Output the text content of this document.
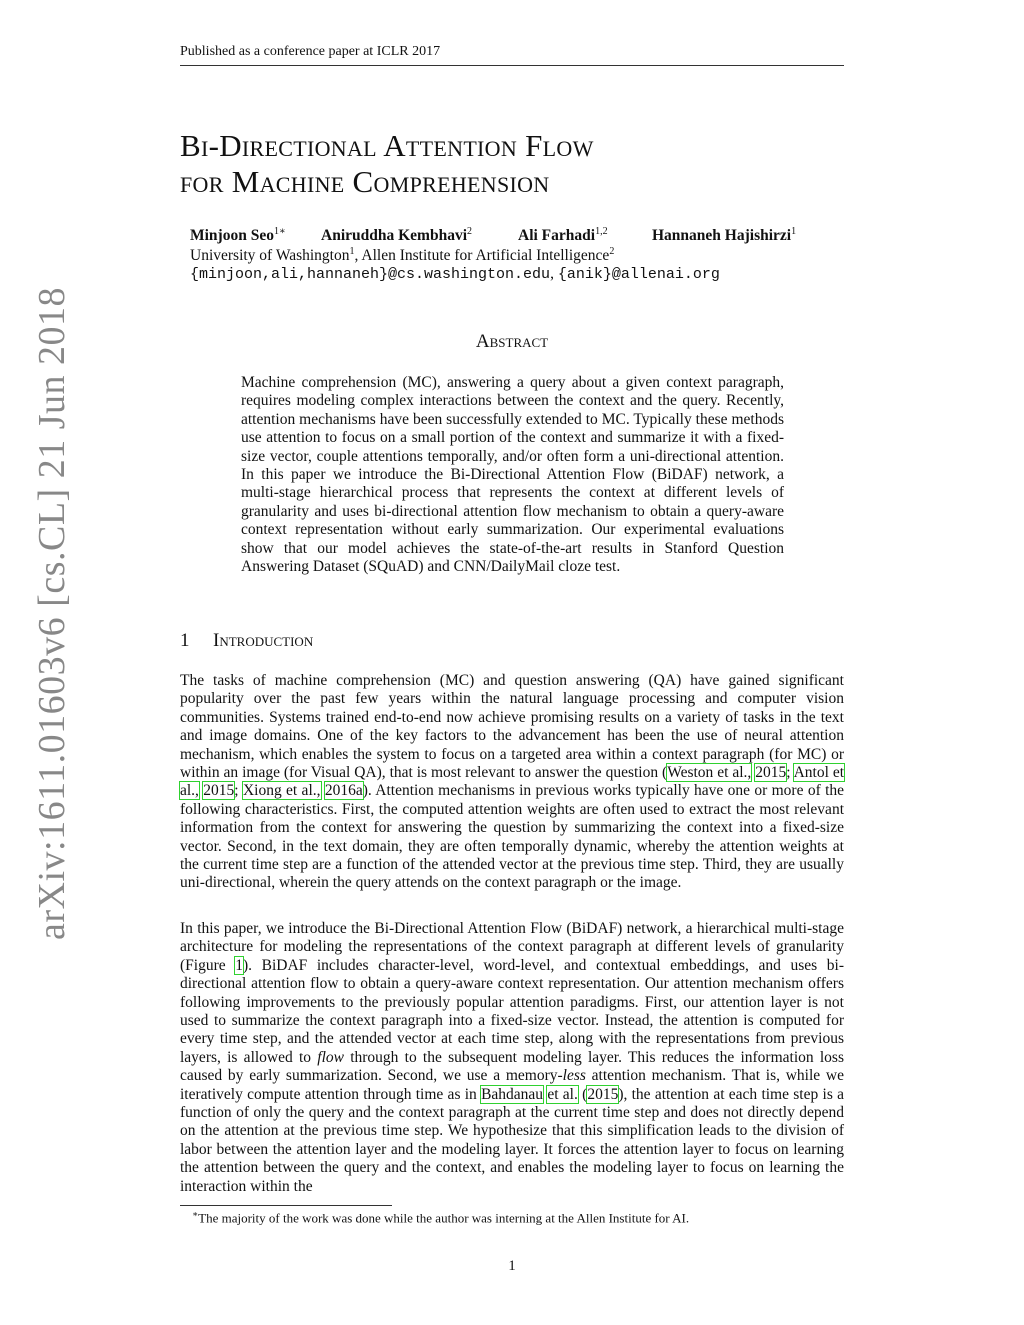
Published as a conference paper at ICLR 2017
arXiv:1611.01603v6 [cs.CL] 21 Jun 2018
Bi-Directional Attention Flow
for Machine Comprehension
Minjoon Seo$^{1∗}$ Aniruddha Kembhavi$^2$	Ali Farhadi$^{1,2}$	Hannaneh Hajishirzi$^1$
University of Washington$^1$, Allen Institute for Artificial Intelligence$^2$
{minjoon,ali,hannaneh}@cs.washington.edu, {anik}@allenai.org
Abstract
Machine comprehension (MC), answering a query about a given context paragraph, requires modeling complex interactions between the context and the query. Recently, attention mechanisms have been successfully extended to MC. Typically these methods use attention to focus on a small portion of the context and summarize it with a fixed-size vector, couple attentions temporally, and/or often form a uni-directional attention. In this paper we introduce the Bi-Directional Attention Flow (BiDAF) network, a multi-stage hierarchical process that represents the context at different levels of granularity and uses bi-directional attention flow mechanism to obtain a query-aware context representation without early summarization. Our experimental evaluations show that our model achieves the state-of-the-art results in Stanford Question Answering Dataset (SQuAD) and CNN/DailyMail cloze test.
1 Introduction
The tasks of machine comprehension (MC) and question answering (QA) have gained significant popularity over the past few years within the natural language processing and computer vision communities. Systems trained end-to-end now achieve promising results on a variety of tasks in the text and image domains. One of the key factors to the advancement has been the use of neural attention mechanism, which enables the system to focus on a targeted area within a context paragraph (for MC) or within an image (for Visual QA), that is most relevant to answer the question (Weston et al., 2015; Antol et al., 2015; Xiong et al., 2016a). Attention mechanisms in previous works typically have one or more of the following characteristics. First, the computed attention weights are often used to extract the most relevant information from the context for answering the question by summarizing the context into a fixed-size vector. Second, in the text domain, they are often temporally dynamic, whereby the attention weights at the current time step are a function of the attended vector at the previous time step. Third, they are usually uni-directional, wherein the query attends on the context paragraph or the image.
In this paper, we introduce the Bi-Directional Attention Flow (BiDAF) network, a hierarchical multi-stage architecture for modeling the representations of the context paragraph at different levels of granularity (Figure 1). BiDAF includes character-level, word-level, and contextual embeddings, and uses bi-directional attention flow to obtain a query-aware context representation. Our attention mechanism offers following improvements to the previously popular attention paradigms. First, our attention layer is not used to summarize the context paragraph into a fixed-size vector. Instead, the attention is computed for every time step, and the attended vector at each time step, along with the representations from previous layers, is allowed to flow through to the subsequent modeling layer. This reduces the information loss caused by early summarization. Second, we use a memory-less attention mechanism. That is, while we iteratively compute attention through time as in Bahdanau et al. (2015), the attention at each time step is a function of only the query and the context paragraph at the current time step and does not directly depend on the attention at the previous time step. We hypothesize that this simplification leads to the division of labor between the attention layer and the modeling layer. It forces the attention layer to focus on learning the attention between the query and the context, and enables the modeling layer to focus on learning the interaction within the
∗The majority of the work was done while the author was interning at the Allen Institute for AI.
1
